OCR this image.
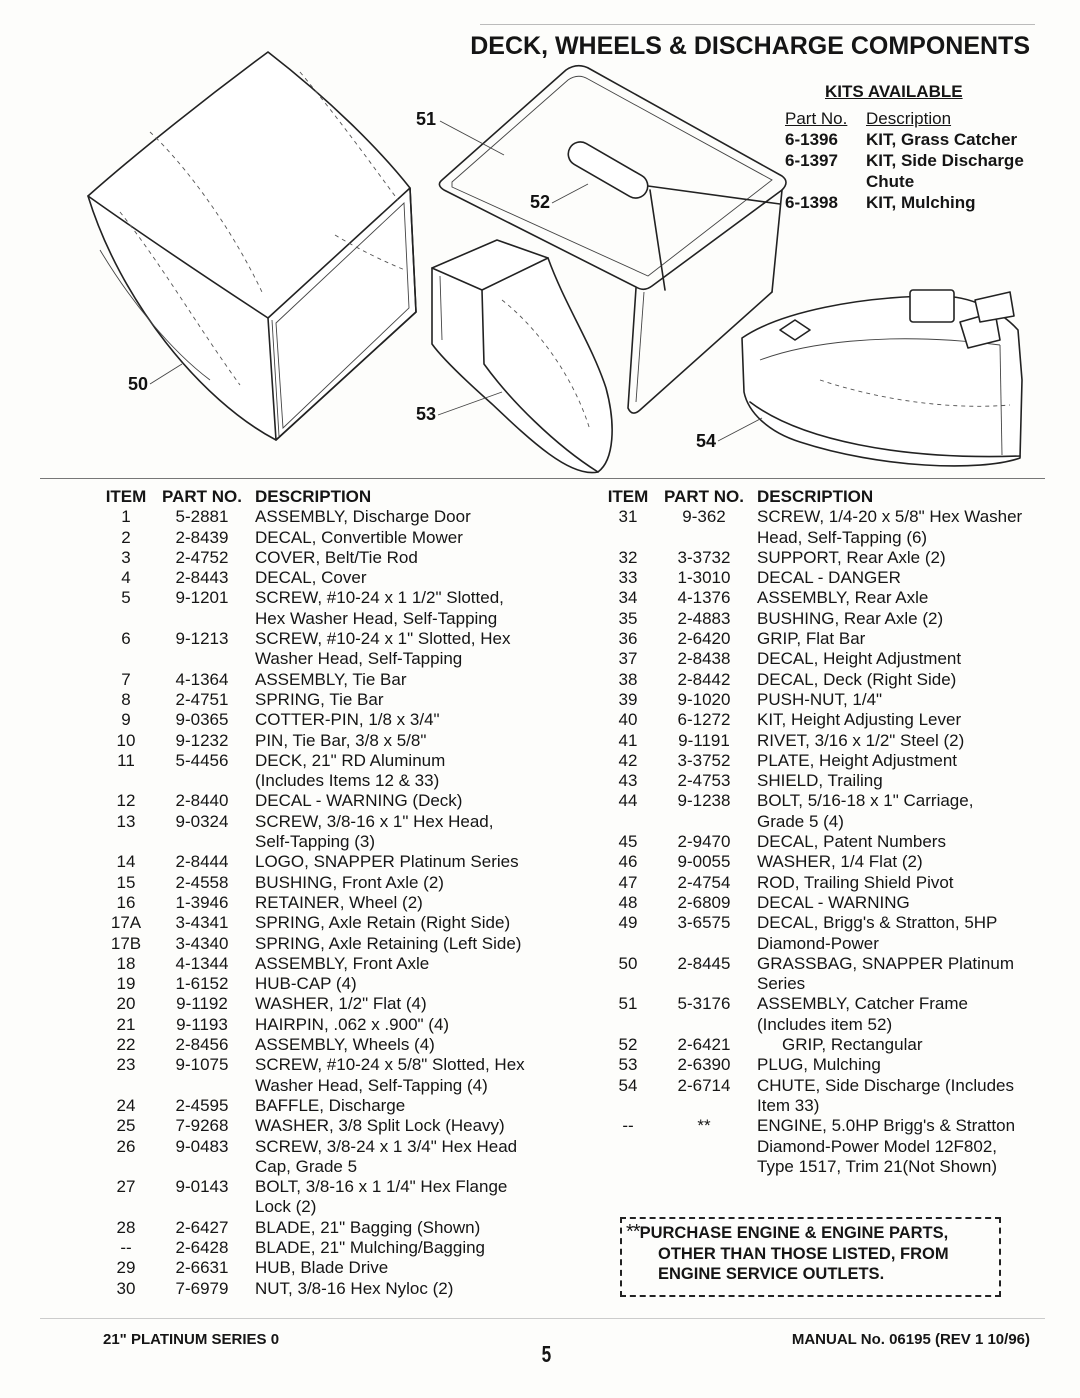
DECK, WHEELS & DISCHARGE COMPONENTS
51
52
50
53
54
KITS AVAILABLE
Part No.	Description
6-1396	KIT, Grass Catcher
6-1397	KIT, Side Discharge
Chute
6-1398	KIT, Mulching
ITEM PART NO. DESCRIPTION
1	5-2881	ASSEMBLY, Discharge Door
2	2-8439	DECAL, Convertible Mower
3	2-4752	COVER, Belt/Tie Rod
4	2-8443	DECAL, Cover
5	9-1201	SCREW, #10-24 x 1 1/2" Slotted,
Hex Washer Head, Self-Tapping
6	9-1213	SCREW, #10-24 x 1" Slotted, Hex
Washer Head, Self-Tapping
7	4-1364	ASSEMBLY, Tie Bar
8	2-4751	SPRING, Tie Bar
9	9-0365	COTTER-PIN, 1/8 x 3/4"
10	9-1232	PIN, Tie Bar, 3/8 x 5/8"
11	5-4456	DECK, 21" RD Aluminum
(Includes Items 12 & 33)
12	2-8440	DECAL - WARNING (Deck)
13	9-0324	SCREW, 3/8-16 x 1" Hex Head,
Self-Tapping (3)
14	2-8444	LOGO, SNAPPER Platinum Series
15	2-4558	BUSHING, Front Axle (2)
16	1-3946	RETAINER, Wheel (2)
17A	3-4341	SPRING, Axle Retain (Right Side)
17B	3-4340	SPRING, Axle Retaining (Left Side)
18	4-1344	ASSEMBLY, Front Axle
19	1-6152	HUB-CAP (4)
20	9-1192	WASHER, 1/2" Flat (4)
21	9-1193	HAIRPIN, .062 x .900" (4)
22	2-8456	ASSEMBLY, Wheels (4)
23	9-1075	SCREW, #10-24 x 5/8" Slotted, Hex
Washer Head, Self-Tapping (4)
24	2-4595	BAFFLE, Discharge
25	7-9268	WASHER, 3/8 Split Lock (Heavy)
26	9-0483	SCREW, 3/8-24 x 1 3/4" Hex Head
Cap, Grade 5
27	9-0143	BOLT, 3/8-16 x 1 1/4" Hex Flange
Lock (2)
28	2-6427	BLADE, 21" Bagging (Shown)
--	2-6428	BLADE, 21" Mulching/Bagging
29	2-6631	HUB, Blade Drive
30	7-6979	NUT, 3/8-16 Hex Nyloc (2)
ITEM PART NO. DESCRIPTION
31	9-362	SCREW, 1/4-20 x 5/8" Hex Washer
Head, Self-Tapping (6)
32	3-3732	SUPPORT, Rear Axle (2)
33	1-3010	DECAL - DANGER
34	4-1376	ASSEMBLY, Rear Axle
35	2-4883	BUSHING, Rear Axle (2)
36	2-6420	GRIP, Flat Bar
37	2-8438	DECAL, Height Adjustment
38	2-8442	DECAL, Deck (Right Side)
39	9-1020	PUSH-NUT, 1/4"
40	6-1272	KIT, Height Adjusting Lever
41	9-1191	RIVET, 3/16 x 1/2" Steel (2)
42	3-3752	PLATE, Height Adjustment
43	2-4753	SHIELD, Trailing
44	9-1238	BOLT, 5/16-18 x 1" Carriage,
Grade 5 (4)
45	2-9470	DECAL, Patent Numbers
46	9-0055	WASHER, 1/4 Flat (2)
47	2-4754	ROD, Trailing Shield Pivot
48	2-6809	DECAL - WARNING
49	3-6575	DECAL, Brigg's & Stratton, 5HP
Diamond-Power
50	2-8445	GRASSBAG, SNAPPER Platinum
Series
51	5-3176	ASSEMBLY, Catcher Frame
(Includes item 52)
52	2-6421	GRIP, Rectangular
53	2-6390	PLUG, Mulching
54	2-6714	CHUTE, Side Discharge (Includes
Item 33)
--	**	ENGINE, 5.0HP Brigg's & Stratton
Diamond-Power Model 12F802,
Type 1517, Trim 21(Not Shown)
**PURCHASE ENGINE & ENGINE PARTS,
OTHER THAN THOSE LISTED, FROM
ENGINE SERVICE OUTLETS.
21" PLATINUM SERIES 0
5
MANUAL No. 06195 (REV 1 10/96)
